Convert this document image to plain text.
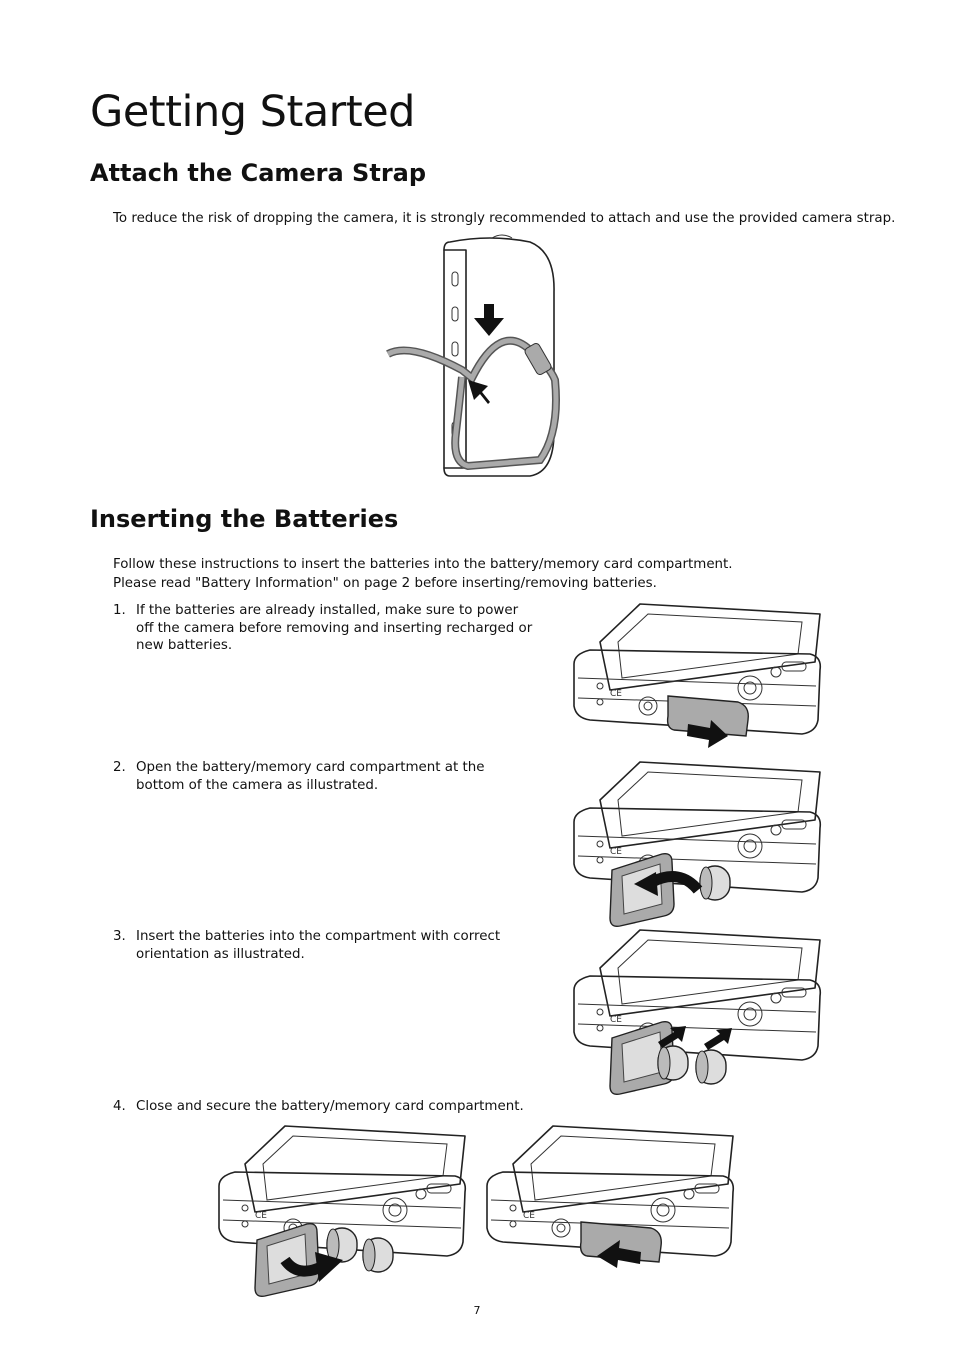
Getting Started
Attach the Camera Strap

To reduce the risk of dropping the camera, it is strongly recommended to attach and use the provided camera strap.

Inserting the Batteries

Follow these instructions to insert the batteries into the battery/memory card compartment.

Please read "Battery Information" on page 2 before inserting/removing batteries.

1. If the batteries are already installed, make sure to power off the camera before removing and inserting recharged or new batteries.
2. Open the battery/memory card compartment at the bottom of the camera as illustrated.
3. Insert the batteries into the compartment with correct orientation as illustrated.
4. Close and secure the battery/memory card compartment.
CE
7
